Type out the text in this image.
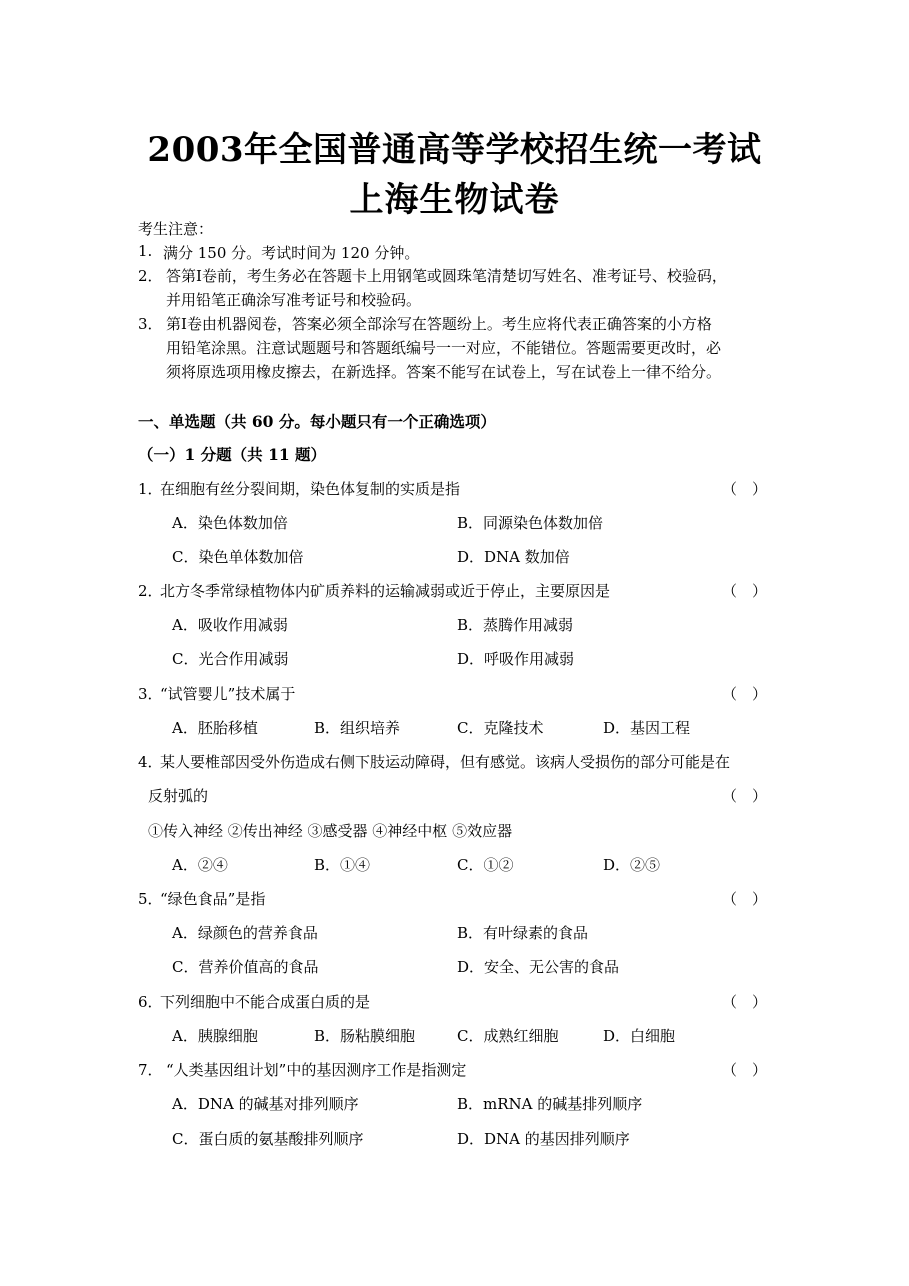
2003年全国普通高等学校招生统一考试
上海生物试卷
考生注意：
1. 满分 150 分。考试时间为 120 分钟。
2． 答第Ⅰ卷前，考生务必在答题卡上用钢笔或圆珠笔清楚切写姓名、准考证号、校验码，
并用铅笔正确涂写准考证号和校验码。
3． 第Ⅰ卷由机器阅卷，答案必须全部涂写在答题纷上。考生应将代表正确答案的小方格
用铅笔涂黑。注意试题题号和答题纸编号一一对应，不能错位。答题需要更改时，必
须将原选项用橡皮擦去，在新选择。答案不能写在试卷上，写在试卷上一律不给分。
一、单选题（共 60 分。每小题只有一个正确选项）
（一）1 分题（共 11 题）
1．
在细胞有丝分裂间期，染色体复制的实质是指	（　）
A．染色体数加倍	B．同源染色体数加倍
C．染色单体数加倍	D．DNA 数加倍
2．
北方冬季常绿植物体内矿质养料的运输减弱或近于停止，主要原因是	（　）
A．吸收作用减弱	B．蒸腾作用减弱
C．光合作用减弱	D．呼吸作用减弱
3．
“试管婴儿”技术属于	（　）
A．胚胎移植	B．组织培养	C．克隆技术	D．基因工程
4．
某人要椎部因受外伤造成右侧下肢运动障碍，但有感觉。该病人受损伤的部分可能是在
反射弧的	（　）
①传入神经 ②传出神经 ③感受器 ④神经中枢 ⑤效应器
A．②④	B．①④	C．①②	D．②⑤
5．
“绿色食品”是指	（　）
A．绿颜色的营养食品	B．有叶绿素的食品
C．营养价值高的食品	D．安全、无公害的食品
6．
下列细胞中不能合成蛋白质的是	（　）
A．胰腺细胞	B．肠粘膜细胞	C．成熟红细胞	D．白细胞
7． “人类基因组计划”中的基因测序工作是指测定	（　）
A．DNA 的碱基对排列顺序	B．mRNA 的碱基排列顺序
C．蛋白质的氨基酸排列顺序	D．DNA 的基因排列顺序
